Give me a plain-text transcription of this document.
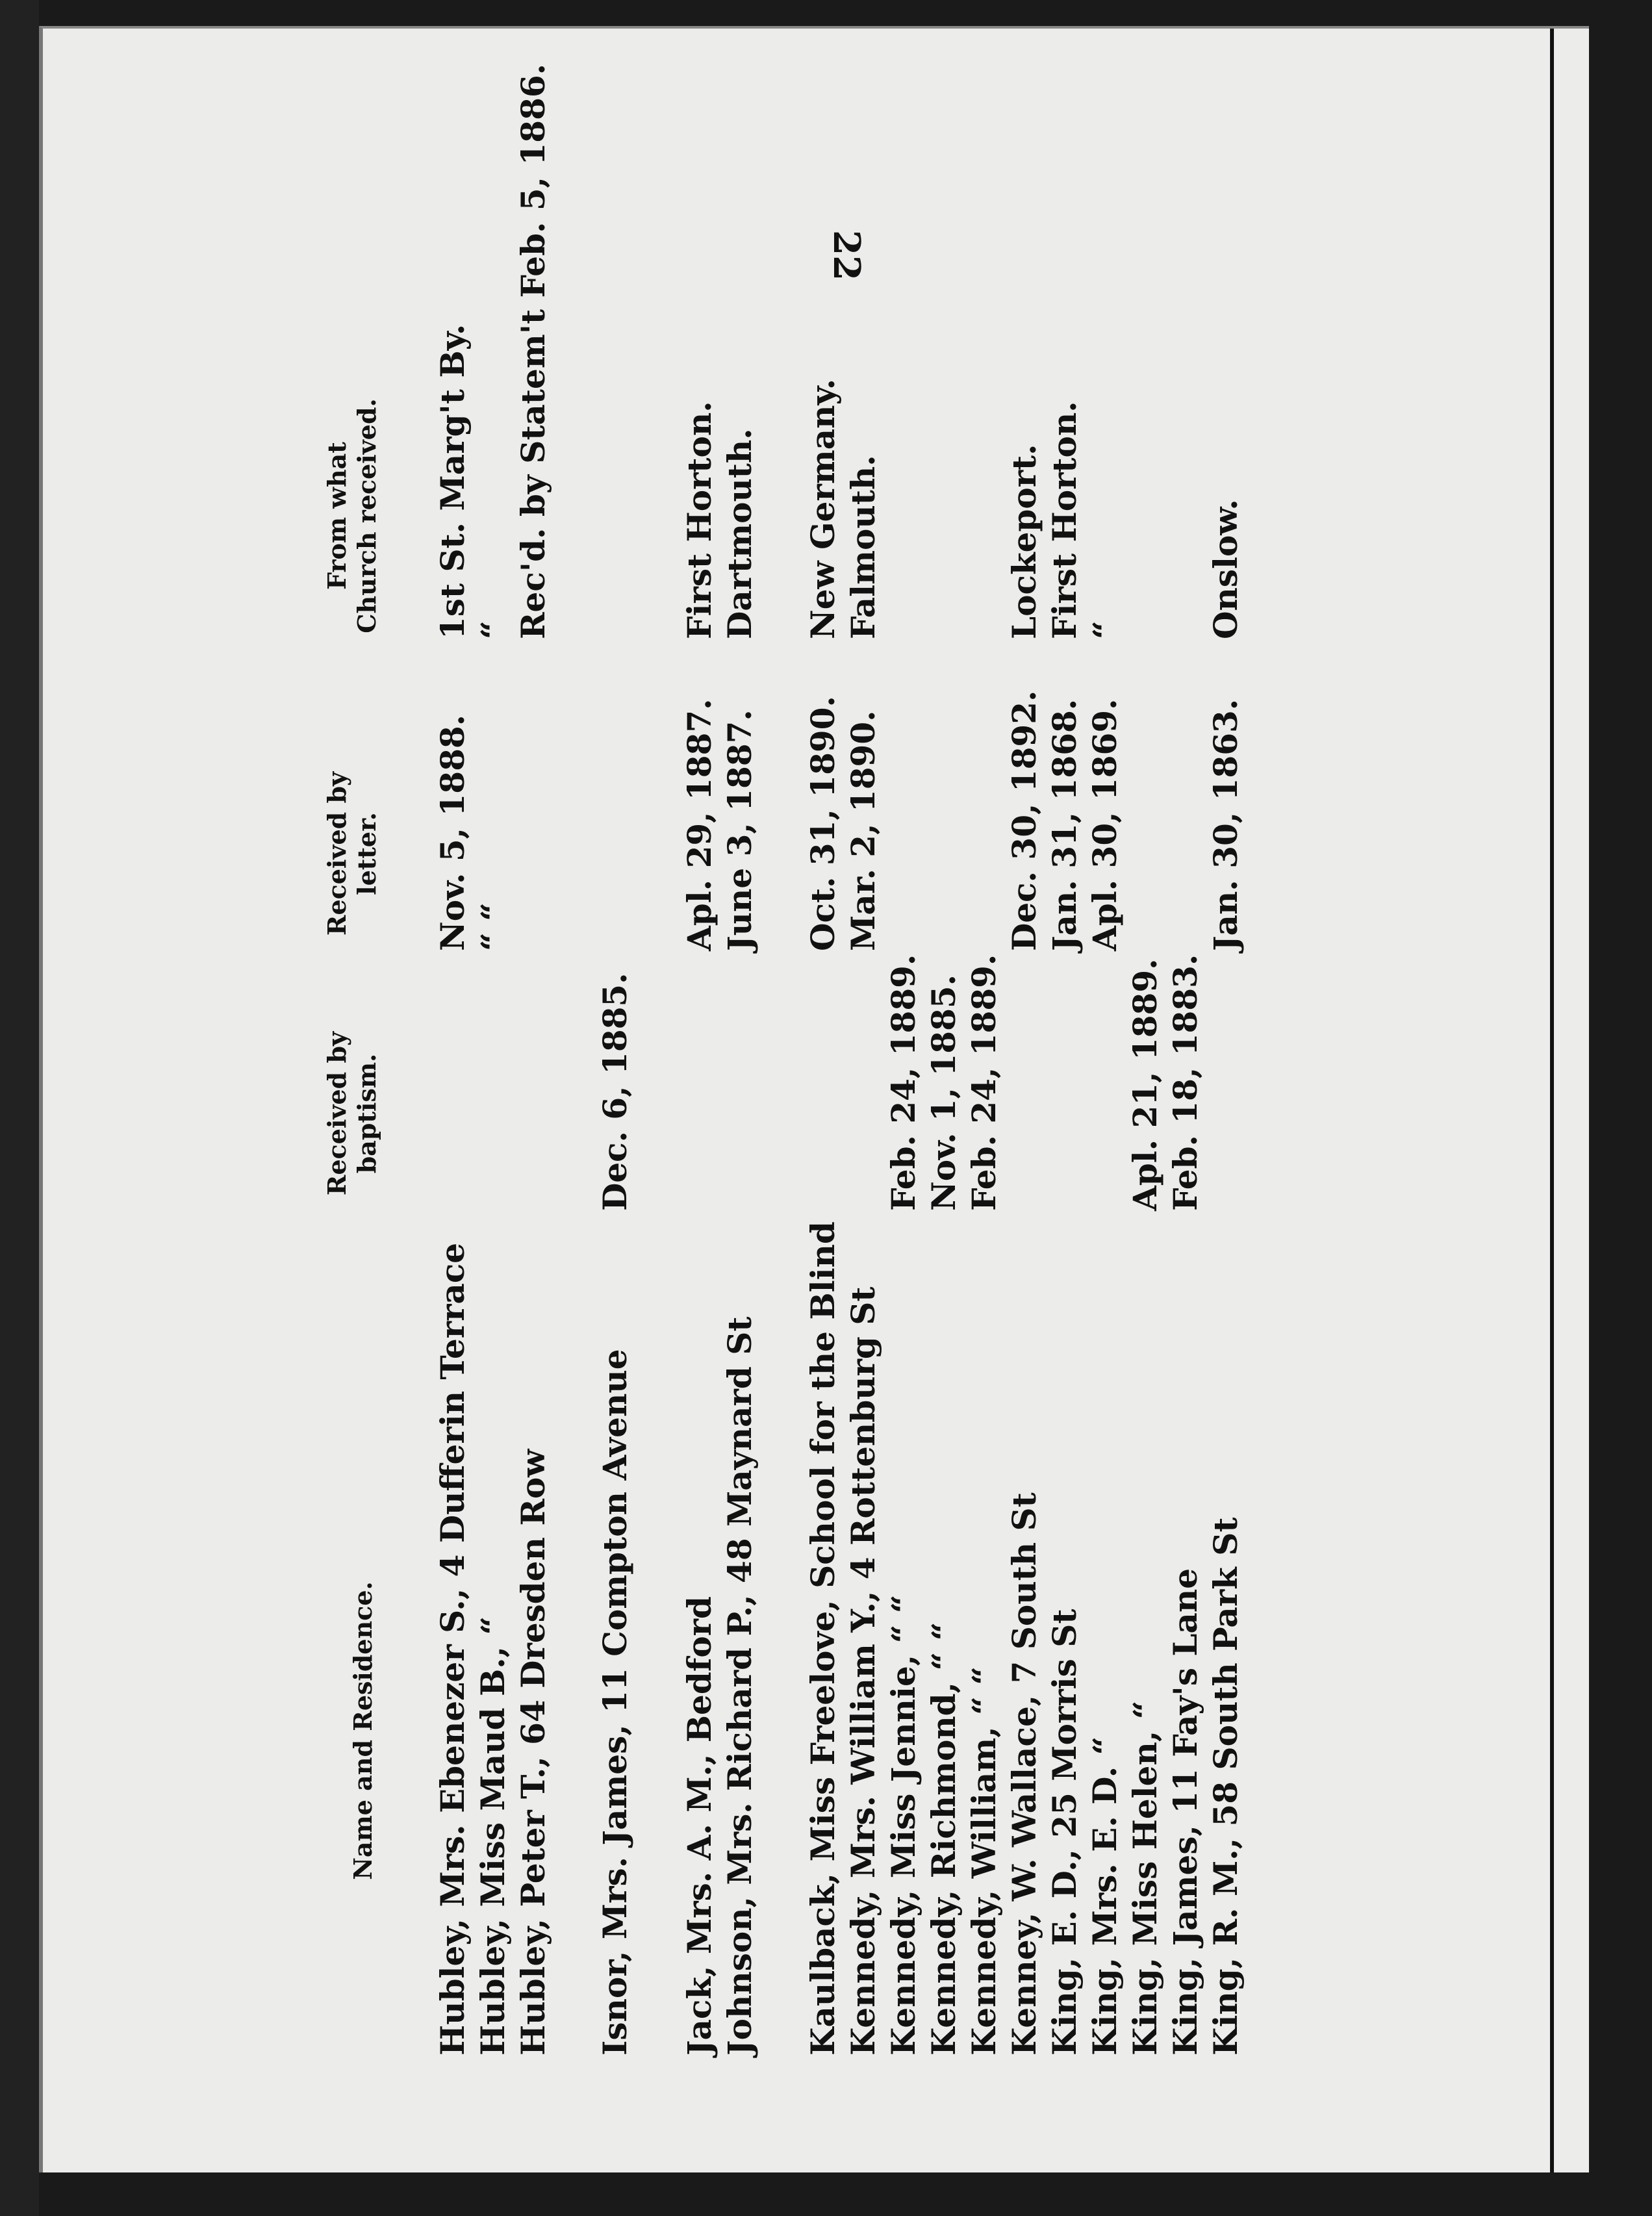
22
Name and Residence.
Received by baptism.
Received by letter.
From what Church received.
Hubley, Mrs. Ebenezer S., 4 Dufferin Terrace
Nov. 5, 1888.
1st St. Marg't By.
Hubley, Miss Maud B., “
“ “
“
Hubley, Peter T., 64 Dresden Row
Rec'd. by Statem't Feb. 5, 1886.
Isnor, Mrs. James, 11 Compton Avenue
Dec. 6, 1885.
Jack, Mrs. A. M., Bedford
Apl. 29, 1887.
First Horton.
Johnson, Mrs. Richard P., 48 Maynard St
June 3, 1887.
Dartmouth.
Kaulback, Miss Freelove, School for the Blind
Oct. 31, 1890.
New Germany.
Kennedy, Mrs. William Y., 4 Rottenburg St
Mar. 2, 1890.
Falmouth.
Kennedy, Miss Jennie, “ “
Feb. 24, 1889.
Kennedy, Richmond, “ “
Nov. 1, 1885.
Kennedy, William, “ “
Feb. 24, 1889.
Kenney, W. Wallace, 7 South St
Dec. 30, 1892.
Lockeport.
King, E. D., 25 Morris St
Jan. 31, 1868.
First Horton.
King, Mrs. E. D. “
Apl. 30, 1869.
“
King, Miss Helen, “
Apl. 21, 1889.
King, James, 11 Fay's Lane
Feb. 18, 1883.
King, R. M., 58 South Park St
Jan. 30, 1863.
Onslow.
